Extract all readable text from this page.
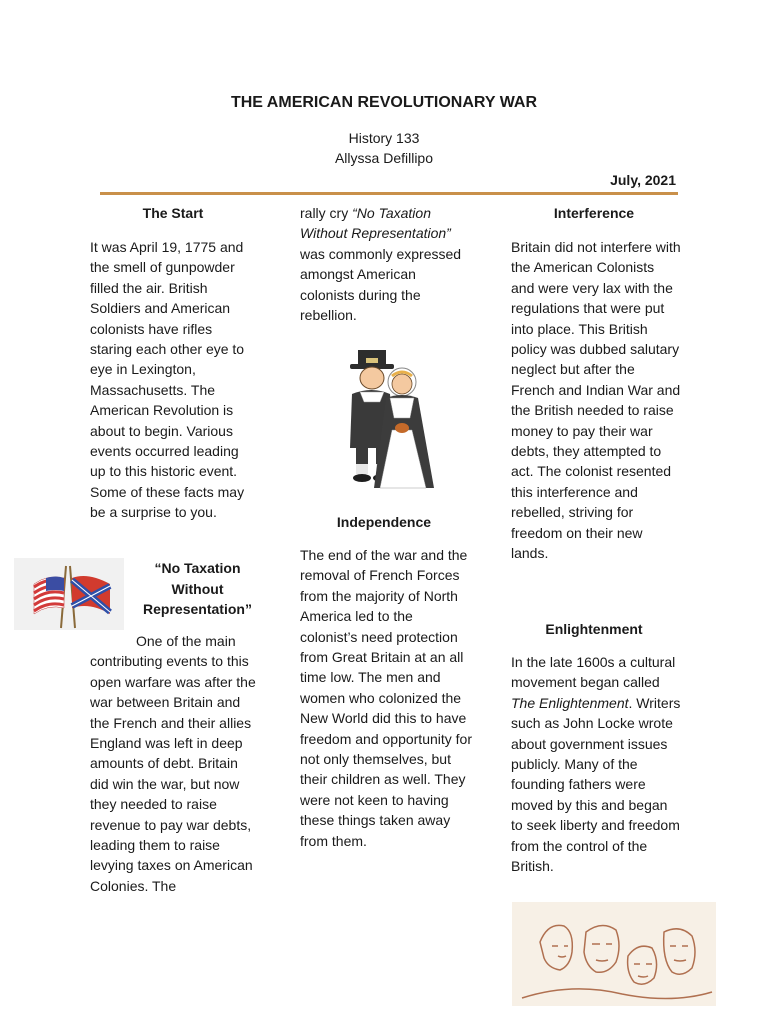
THE AMERICAN REVOLUTIONARY WAR
History 133
Allyssa Defillipo
July, 2021
The Start
It was April 19, 1775 and the smell of gunpowder filled the air. British Soldiers and American colonists have rifles staring each other eye to eye in Lexington, Massachusetts. The American Revolution is about to begin. Various events occurred leading up to this historic event. Some of these facts may be a surprise to you.
“No Taxation Without Representation”
One of the main contributing events to this open warfare was after the war between Britain and the French and their allies England was left in deep amounts of debt. Britain did win the war, but now they needed to raise revenue to pay war debts, leading them to raise levying taxes on American Colonies. The
rally cry “No Taxation Without Representation” was commonly expressed amongst American colonists during the rebellion.
Independence
The end of the war and the removal of French Forces from the majority of North America led to the colonist’s need protection from Great Britain at an all time low. The men and women who colonized the New World did this to have freedom and opportunity for not only themselves, but their children as well. They were not keen to having these things taken away from them.
Interference
Britain did not interfere with the American Colonists and were very lax with the regulations that were put into place. This British policy was dubbed salutary neglect but after the French and Indian War and the British needed to raise money to pay their war debts, they attempted to act. The colonist resented this interference and rebelled, striving for freedom on their new lands.
Enlightenment
In the late 1600s a cultural movement began called The Enlightenment. Writers such as John Locke wrote about government issues publicly. Many of the founding fathers were moved by this and began to seek liberty and freedom from the control of the British.
